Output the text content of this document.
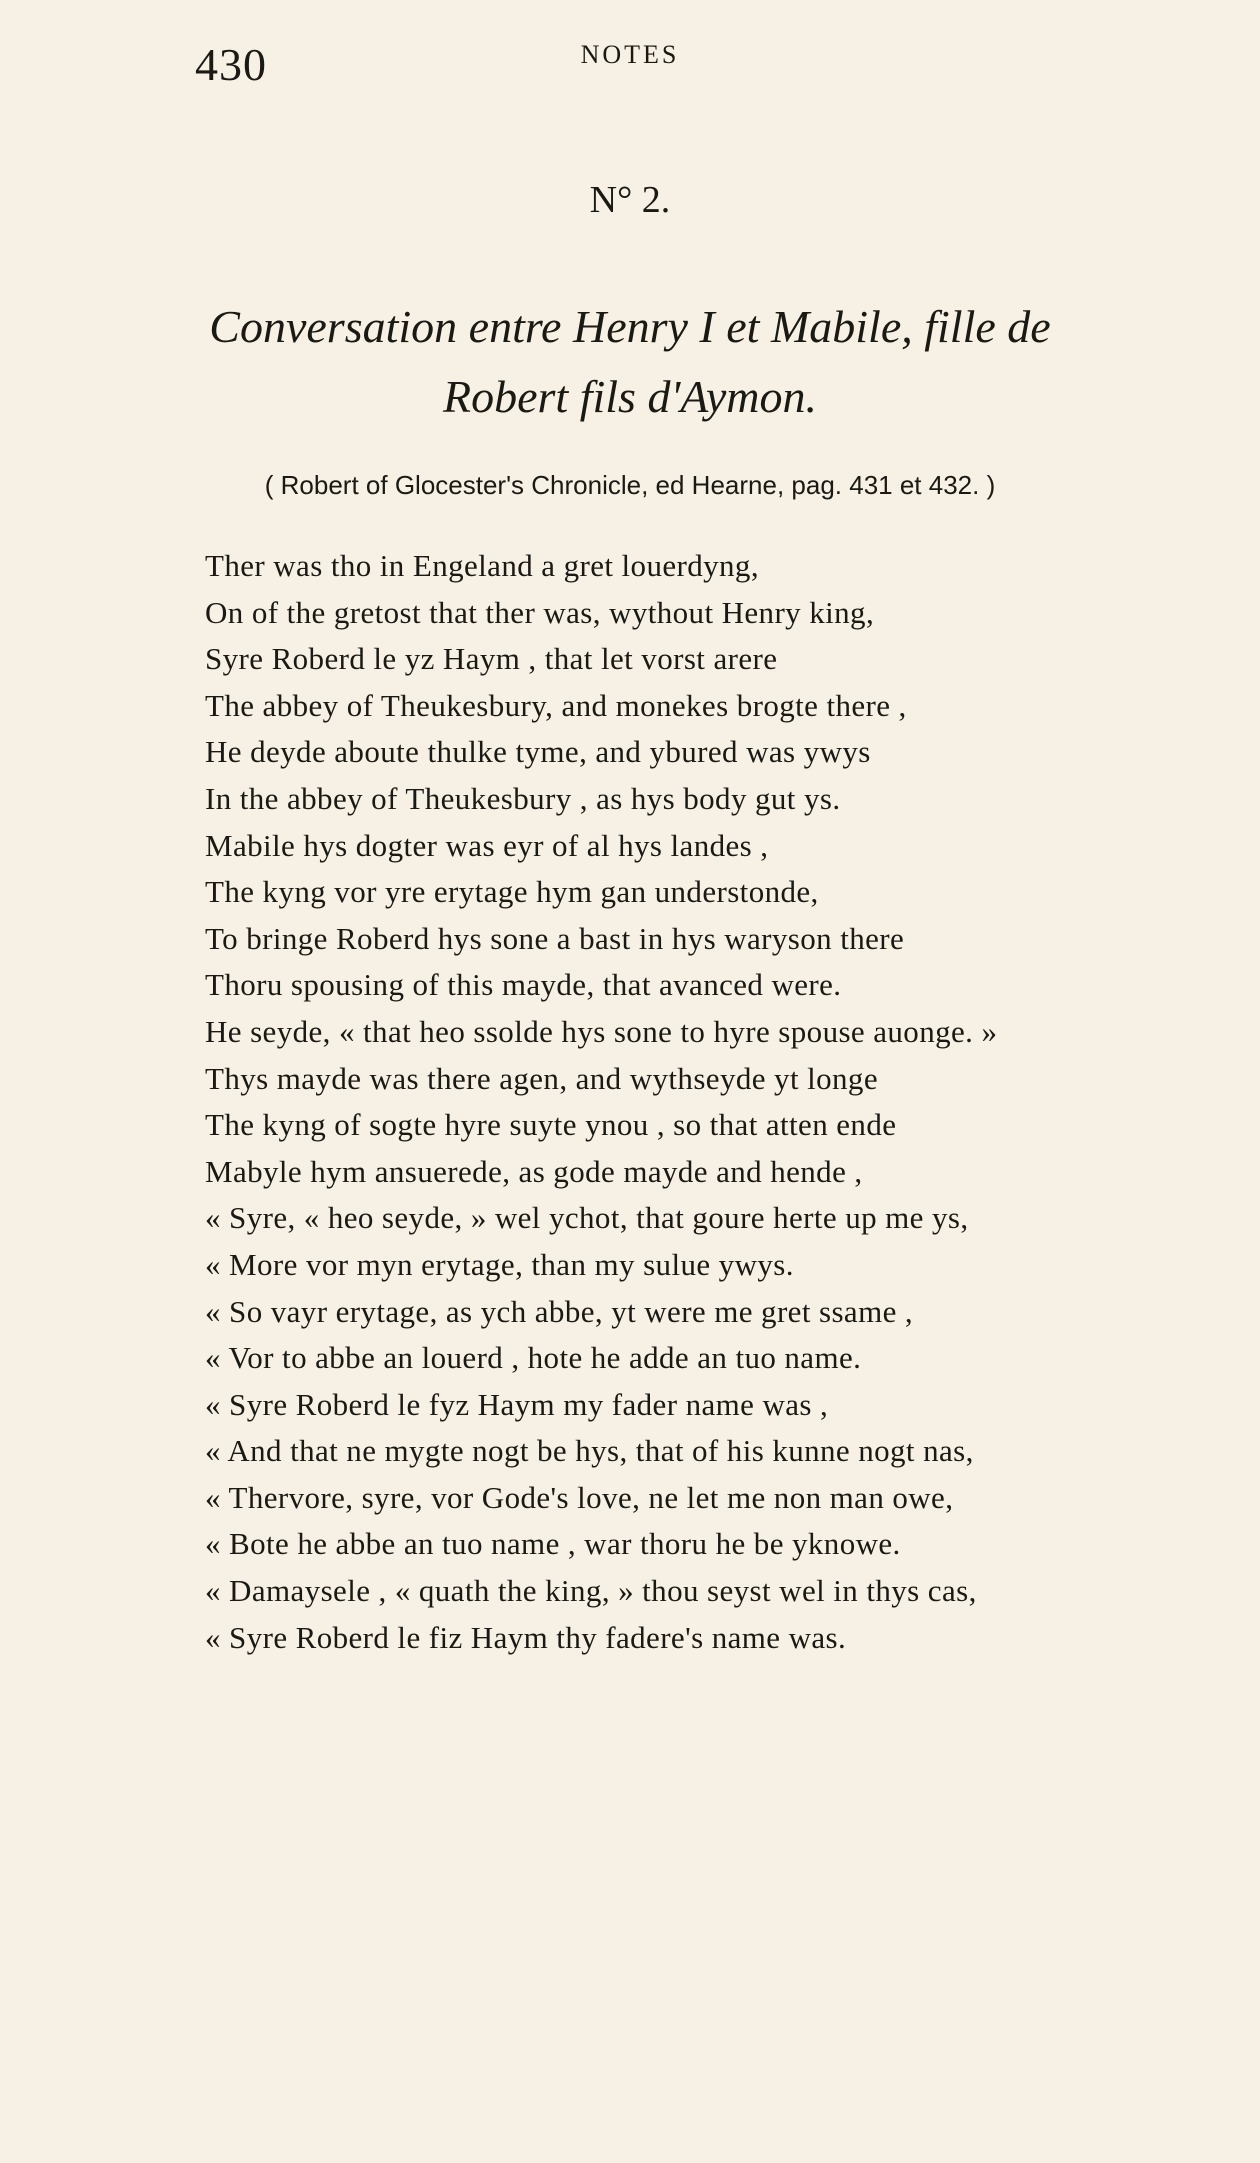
430	NOTES
N° 2.
Conversation entre Henry I et Mabile, fille de
Robert fils d'Aymon.
( Robert of Glocester's Chronicle, ed Hearne, pag. 431 et 432. )
Ther was tho in Engeland a gret louerdyng,
On of the gretost that ther was, wythout Henry king,
Syre Roberd le yz Haym , that let vorst arere
The abbey of Theukesbury, and monekes brogte there ,
He deyde aboute thulke tyme, and ybured was ywys
In the abbey of Theukesbury , as hys body gut ys.
Mabile hys dogter was eyr of al hys landes ,
The kyng vor yre erytage hym gan understonde,
To bringe Roberd hys sone a bast in hys waryson there
Thoru spousing of this mayde, that avanced were.
He seyde, « that heo ssolde hys sone to hyre spouse auonge. »
Thys mayde was there agen, and wythseyde yt longe
The kyng of sogte hyre suyte ynou , so that atten ende
Mabyle hym ansuerede, as gode mayde and hende ,
« Syre, « heo seyde, » wel ychot, that goure herte up me ys,
« More vor myn erytage, than my sulue ywys.
« So vayr erytage, as ych abbe, yt were me gret ssame ,
« Vor to abbe an louerd , hote he adde an tuo name.
« Syre Roberd le fyz Haym my fader name was ,
« And that ne mygte nogt be hys, that of his kunne nogt nas,
« Thervore, syre, vor Gode's love, ne let me non man owe,
« Bote he abbe an tuo name , war thoru he be yknowe.
« Damaysele , « quath the king, » thou seyst wel in thys cas,
« Syre Roberd le fiz Haym thy fadere's name was.
